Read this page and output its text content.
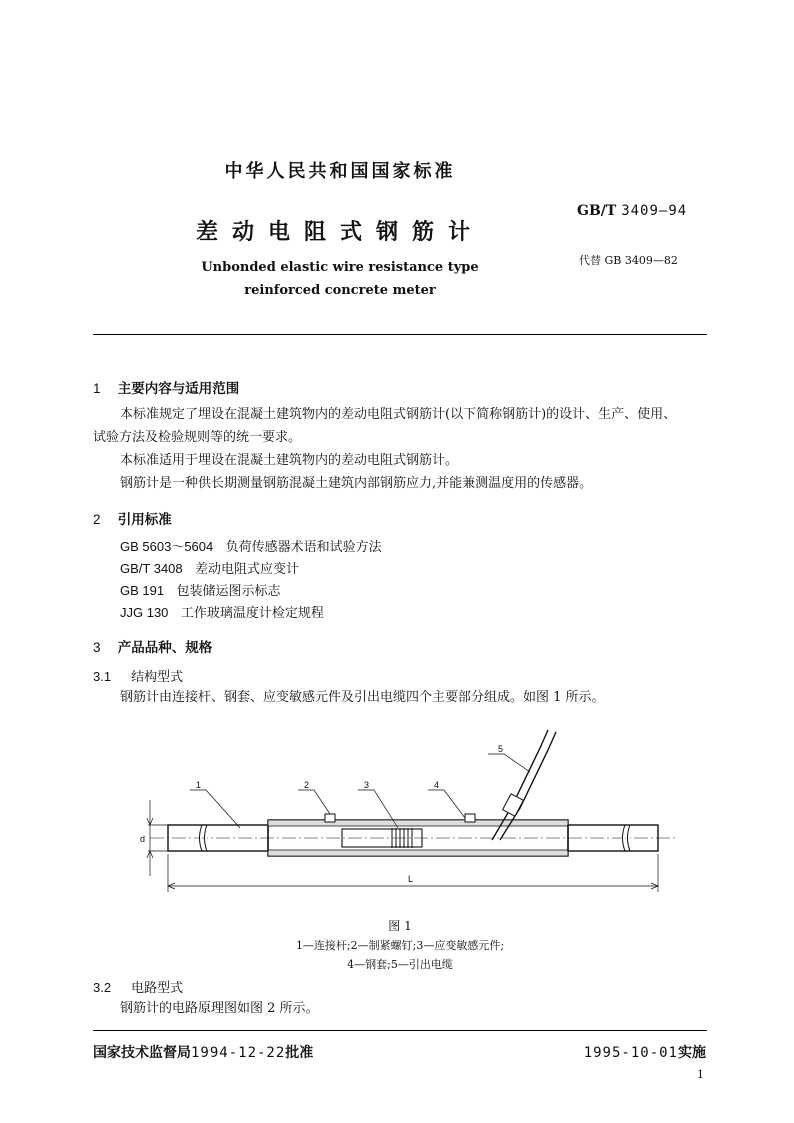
中华人民共和国国家标准
差动电阻式钢筋计
Unbonded elastic wire resistance type
reinforced concrete meter
GB/T 3409—94
代替 GB 3409—82
1 主要内容与适用范围
本标准规定了埋设在混凝土建筑物内的差动电阻式钢筋计(以下简称钢筋计)的设计、生产、使用、
试验方法及检验规则等的统一要求。
本标准适用于埋设在混凝土建筑物内的差动电阻式钢筋计。
钢筋计是一种供长期测量钢筋混凝土建筑内部钢筋应力,并能兼测温度用的传感器。
2 引用标准
GB 5603～5604 负荷传感器术语和试验方法
GB/T 3408 差动电阻式应变计
GB 191 包装储运图示标志
JJG 130 工作玻璃温度计检定规程
3 产品品种、规格
3.1 结构型式
钢筋计由连接杆、钢套、应变敏感元件及引出电缆四个主要部分组成。如图 1 所示。
1	2	3	4
5
d
L
图 1
1—连接杆;2—制紧螺钉;3—应变敏感元件;
4—钢套;5—引出电缆
3.2 电路型式
钢筋计的电路原理图如图 2 所示。
国家技术监督局1994-12-22批准	1995-10-01实施
1
